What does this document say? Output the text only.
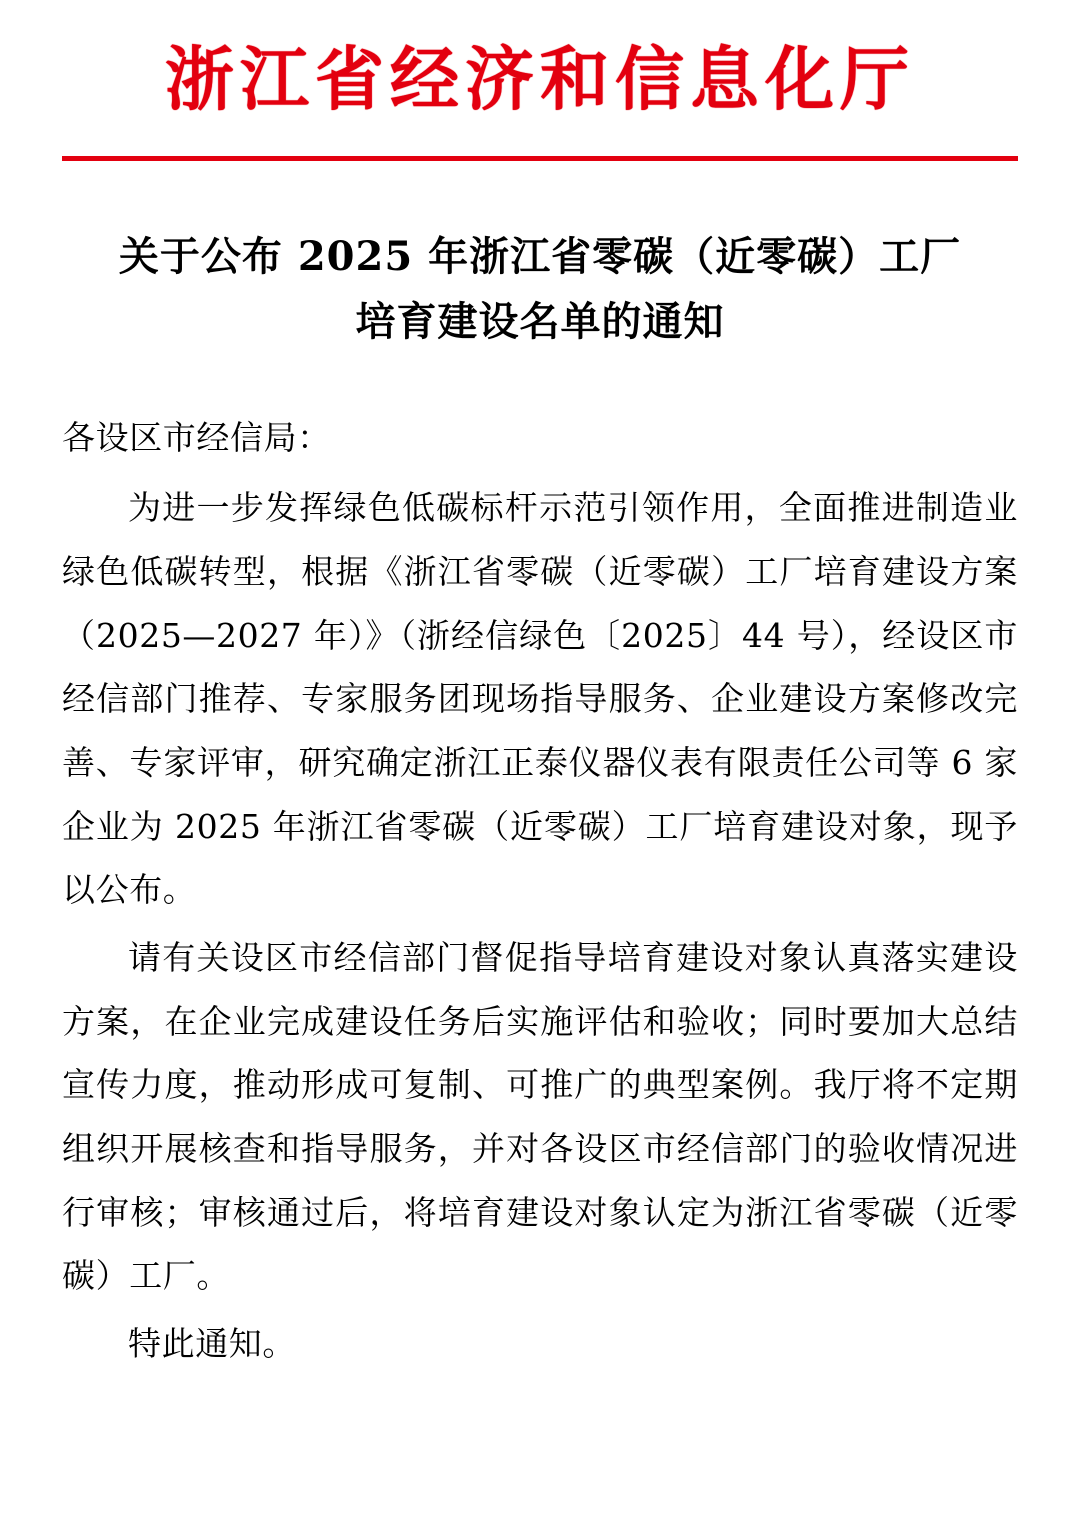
浙江省经济和信息化厅
关于公布 2025 年浙江省零碳（近零碳）工厂
培育建设名单的通知

各设区市经信局：

为进一步发挥绿色低碳标杆示范引领作用，全面推进制造业绿色低碳转型，根据《浙江省零碳（近零碳）工厂培育建设方案（2025—2027 年）》（浙经信绿色〔2025〕44 号），经设区市经信部门推荐、专家服务团现场指导服务、企业建设方案修改完善、专家评审，研究确定浙江正泰仪器仪表有限责任公司等 6 家企业为 2025 年浙江省零碳（近零碳）工厂培育建设对象，现予以公布。

请有关设区市经信部门督促指导培育建设对象认真落实建设方案，在企业完成建设任务后实施评估和验收；同时要加大总结宣传力度，推动形成可复制、可推广的典型案例。我厅将不定期组织开展核查和指导服务，并对各设区市经信部门的验收情况进行审核；审核通过后，将培育建设对象认定为浙江省零碳（近零碳）工厂。

特此通知。
